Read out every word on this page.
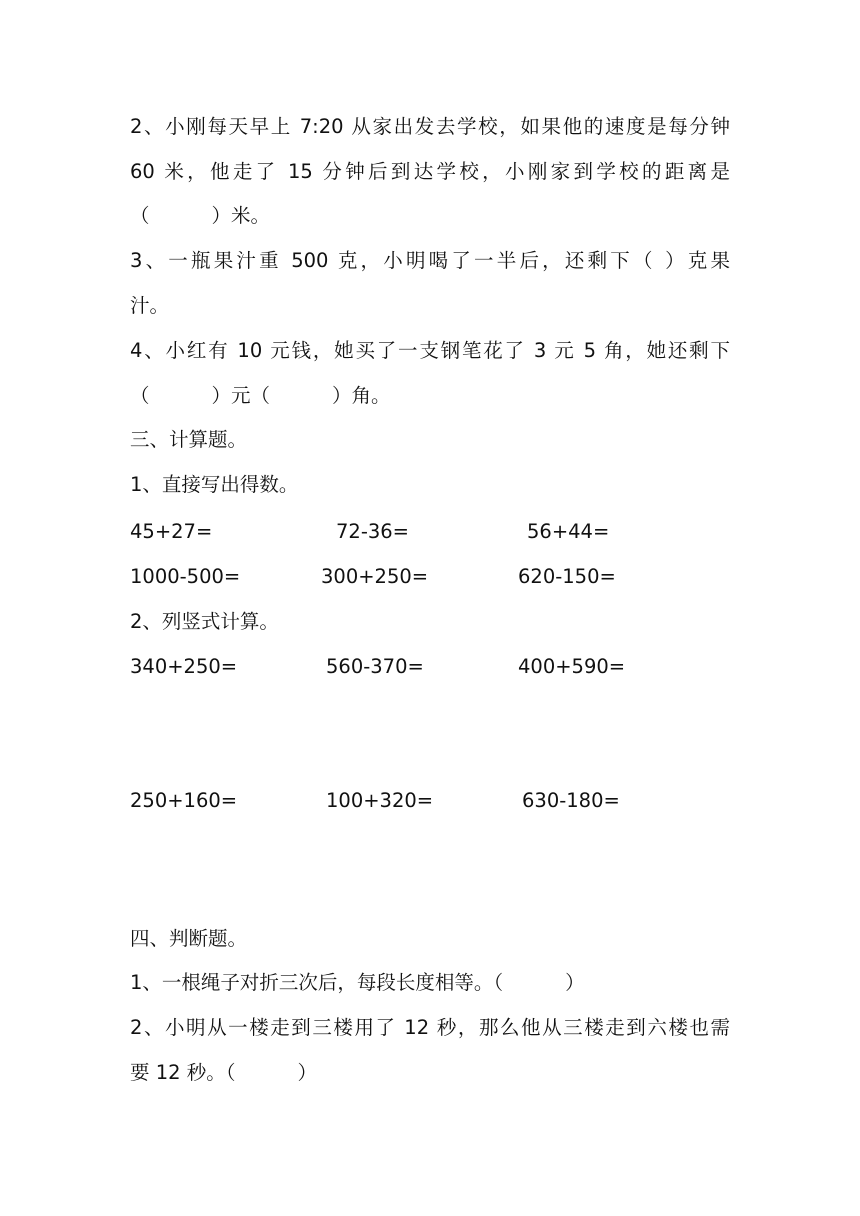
2、小刚每天早上 7:20 从家出发去学校，如果他的速度是每分钟

60 米，他走了 15 分钟后到达学校，小刚家到学校的距离是

（          ）米。

3、一瓶果汁重 500 克，小明喝了一半后，还剩下（ ）克果

汁。

4、小红有 10 元钱，她买了一支钢笔花了 3 元 5 角，她还剩下

（          ）元（          ）角。

三、计算题。

1、直接写出得数。

45+27=	72-36=	56+44=
1000-500=	300+250=	620-150=

2、列竖式计算。

340+250=	560-370=	400+590=
250+160=	100+320=	630-180=

四、判断题。

1、一根绳子对折三次后，每段长度相等。（          ）

2、小明从一楼走到三楼用了 12 秒，那么他从三楼走到六楼也需

要 12 秒。（          ）
